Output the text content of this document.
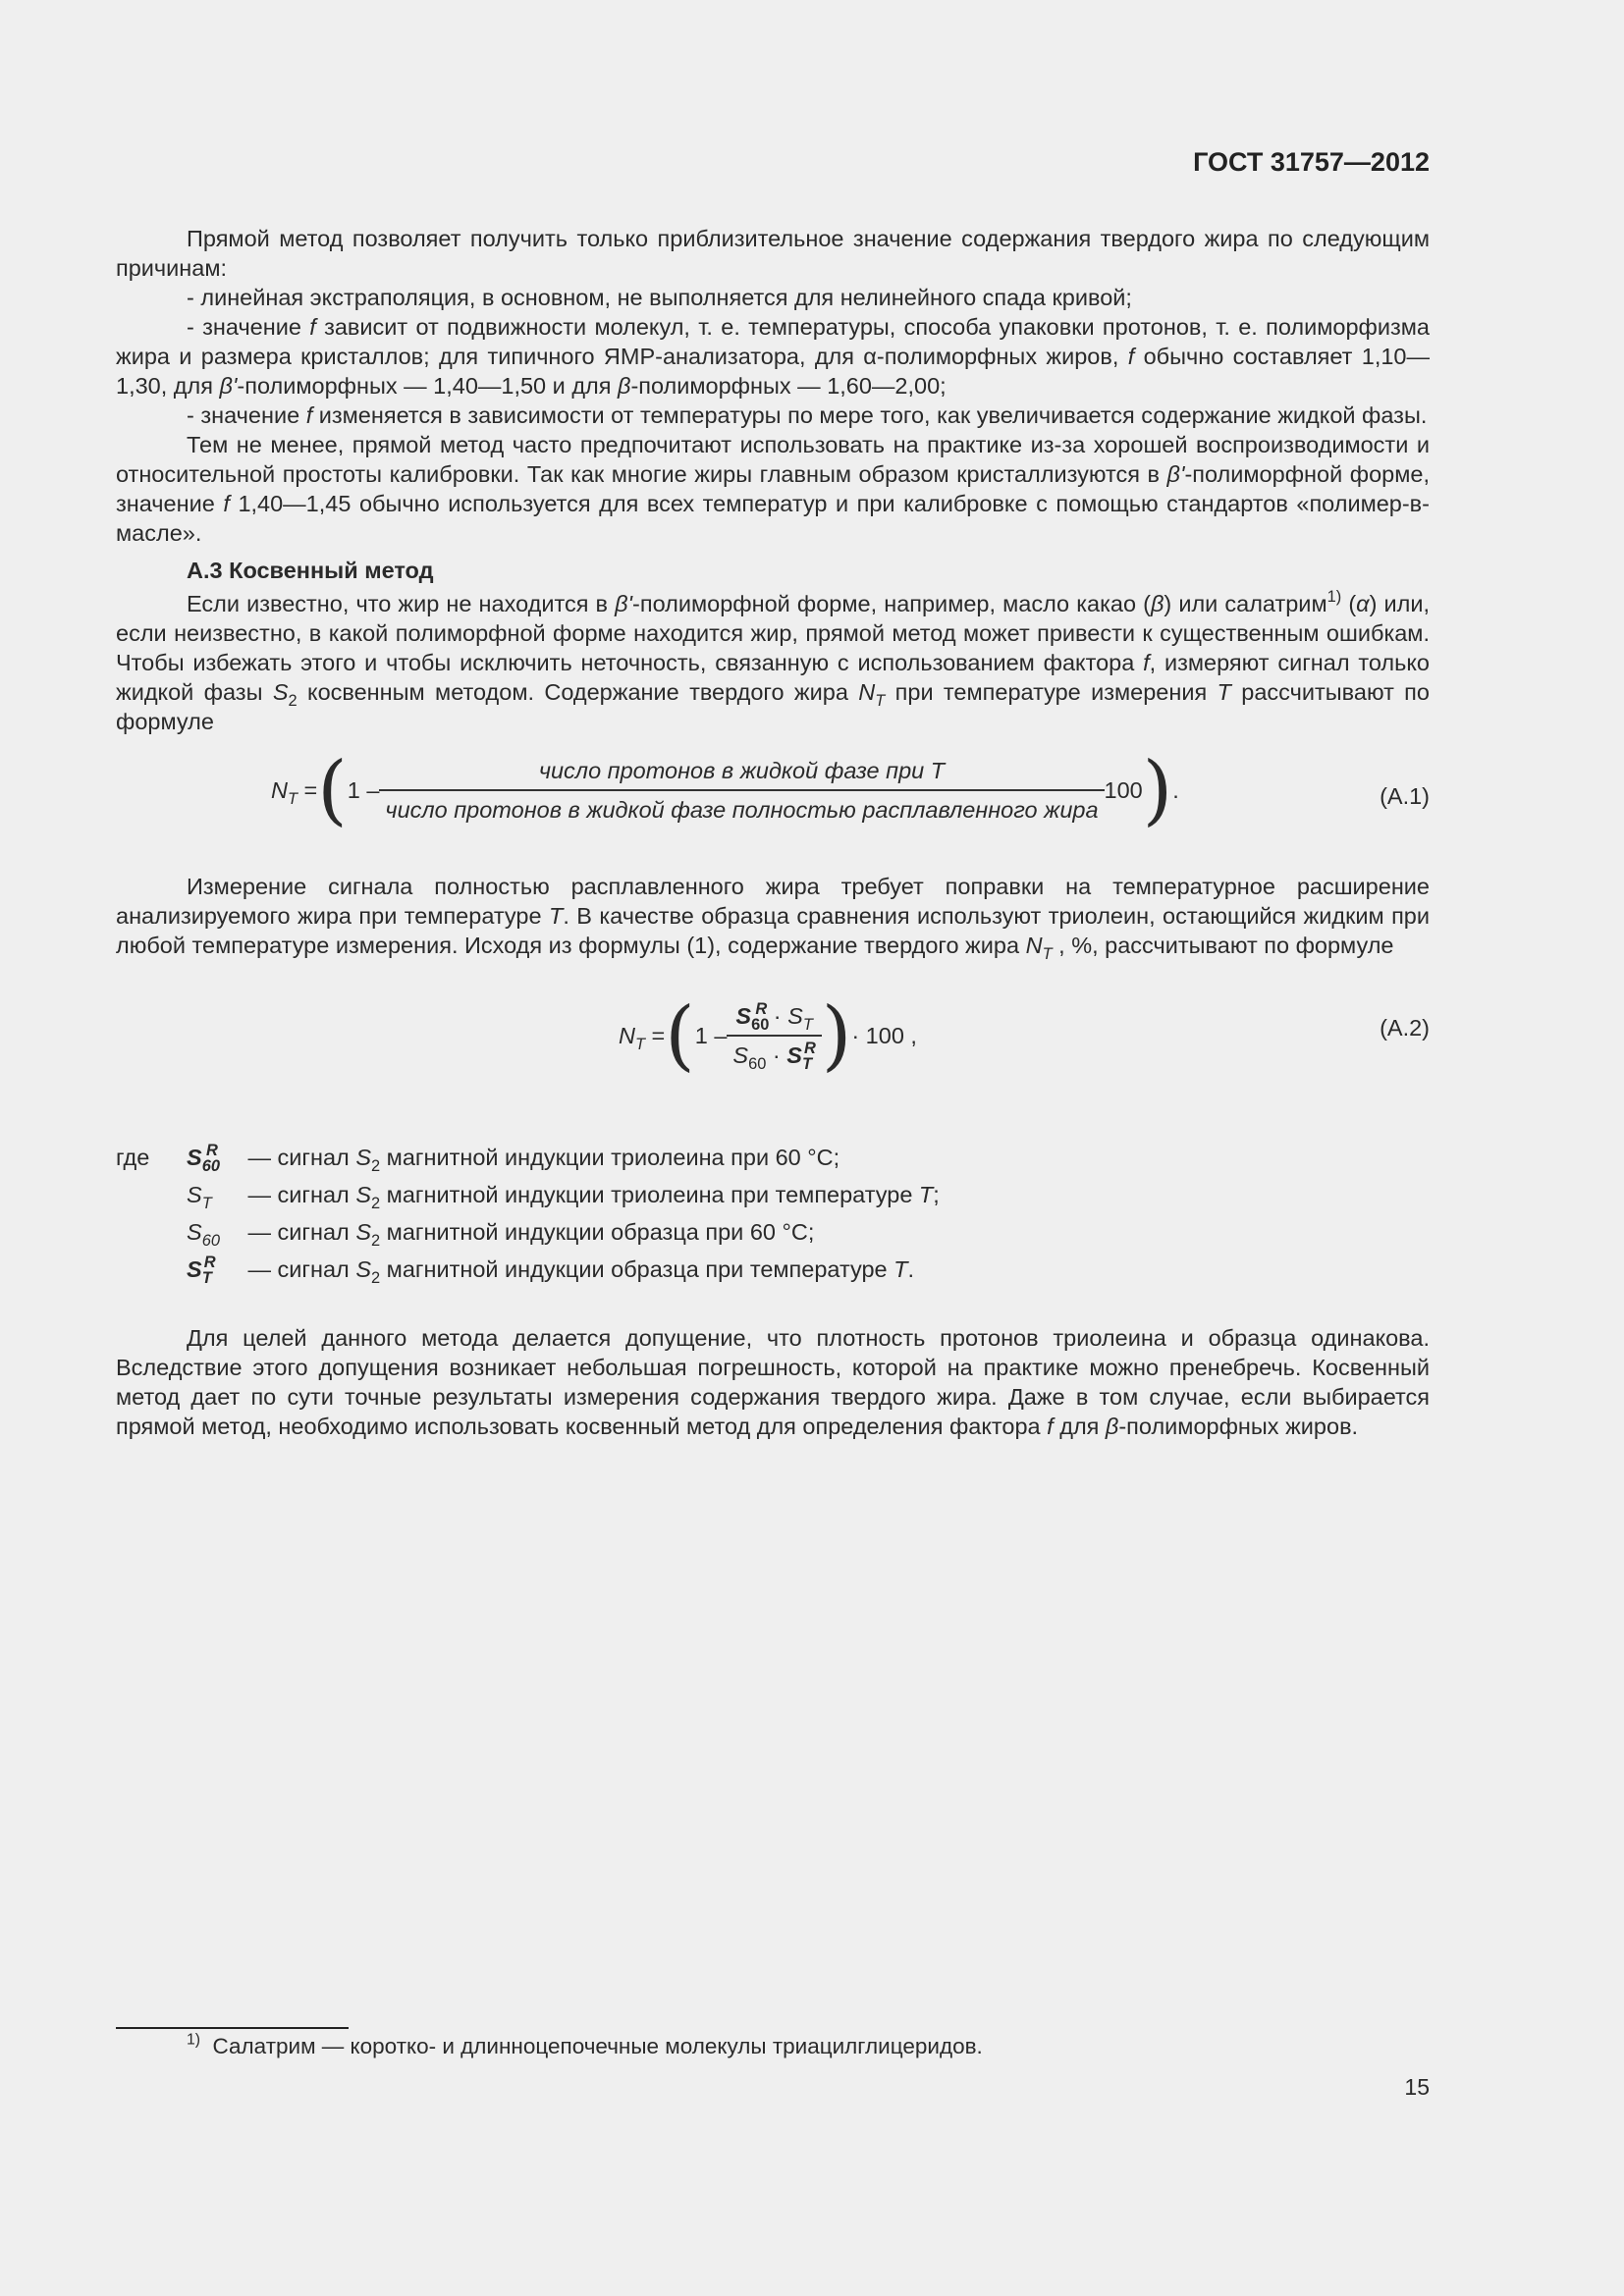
ГОСТ 31757—2012

Прямой метод позволяет получить только приблизительное значение содержания твердого жира по следующим причинам:

- линейная экстраполяция, в основном, не выполняется для нелинейного спада кривой;

- значение f зависит от подвижности молекул, т. е. температуры, способа упаковки протонов, т. е. полиморфизма жира и размера кристаллов; для типичного ЯМР-анализатора, для α-полиморфных жиров, f обычно составляет 1,10—1,30, для β'-полиморфных — 1,40—1,50 и для β-полиморфных — 1,60—2,00;

- значение f изменяется в зависимости от температуры по мере того, как увеличивается содержание жидкой фазы.

Тем не менее, прямой метод часто предпочитают использовать на практике из-за хорошей воспроизводимости и относительной простоты калибровки. Так как многие жиры главным образом кристаллизуются в β'-полиморфной форме, значение f 1,40—1,45 обычно используется для всех температур и при калибровке с помощью стандартов «полимер-в-масле».

А.3 Косвенный метод

Если известно, что жир не находится в β'-полиморфной форме, например, масло какао (β) или салатрим$^{1)}$ (α) или, если неизвестно, в какой полиморфной форме находится жир, прямой метод может привести к существенным ошибкам. Чтобы избежать этого и чтобы исключить неточность, связанную с использованием фактора f, измеряют сигнал только жидкой фазы $S_2$ косвенным методом. Содержание твердого жира $N_T$ при температуре измерения T рассчитывают по формуле

$N_T$ = ( $1 - \frac{\text{число протонов в жидкой фазе при T}}{\text{число протонов в жидкой фазе полностью расплавленного жира}} 100$ ) .	(А.1)

Измерение сигнала полностью расплавленного жира требует поправки на температурное расширение анализируемого жира при температуре T. В качестве образца сравнения используют триолеин, остающийся жидким при любой температуре измерения. Исходя из формулы (1), содержание твердого жира $N_T$ , %, рассчитывают по формуле

$N_T$ = ( $1 - \frac{S_{60}^R \cdot S_T}{S_{60} \cdot S_T^R}$ ) · 100 ,	(А.2)
где	$S_{60}^R$	— сигнал $S_2$ магнитной индукции триолеина при 60 °С;
$S_T$	— сигнал $S_2$ магнитной индукции триолеина при температуре T;
$S_{60}$	— сигнал $S_2$ магнитной индукции образца при 60 °С;
$S_T^R$	— сигнал $S_2$ магнитной индукции образца при температуре T.

Для целей данного метода делается допущение, что плотность протонов триолеина и образца одинакова. Вследствие этого допущения возникает небольшая погрешность, которой на практике можно пренебречь. Косвенный метод дает по сути точные результаты измерения содержания твердого жира. Даже в том случае, если выбирается прямой метод, необходимо использовать косвенный метод для определения фактора f для β-полиморфных жиров.

$^{1)}$ Салатрим — коротко- и длинноцепочечные молекулы триацилглицеридов.
15
